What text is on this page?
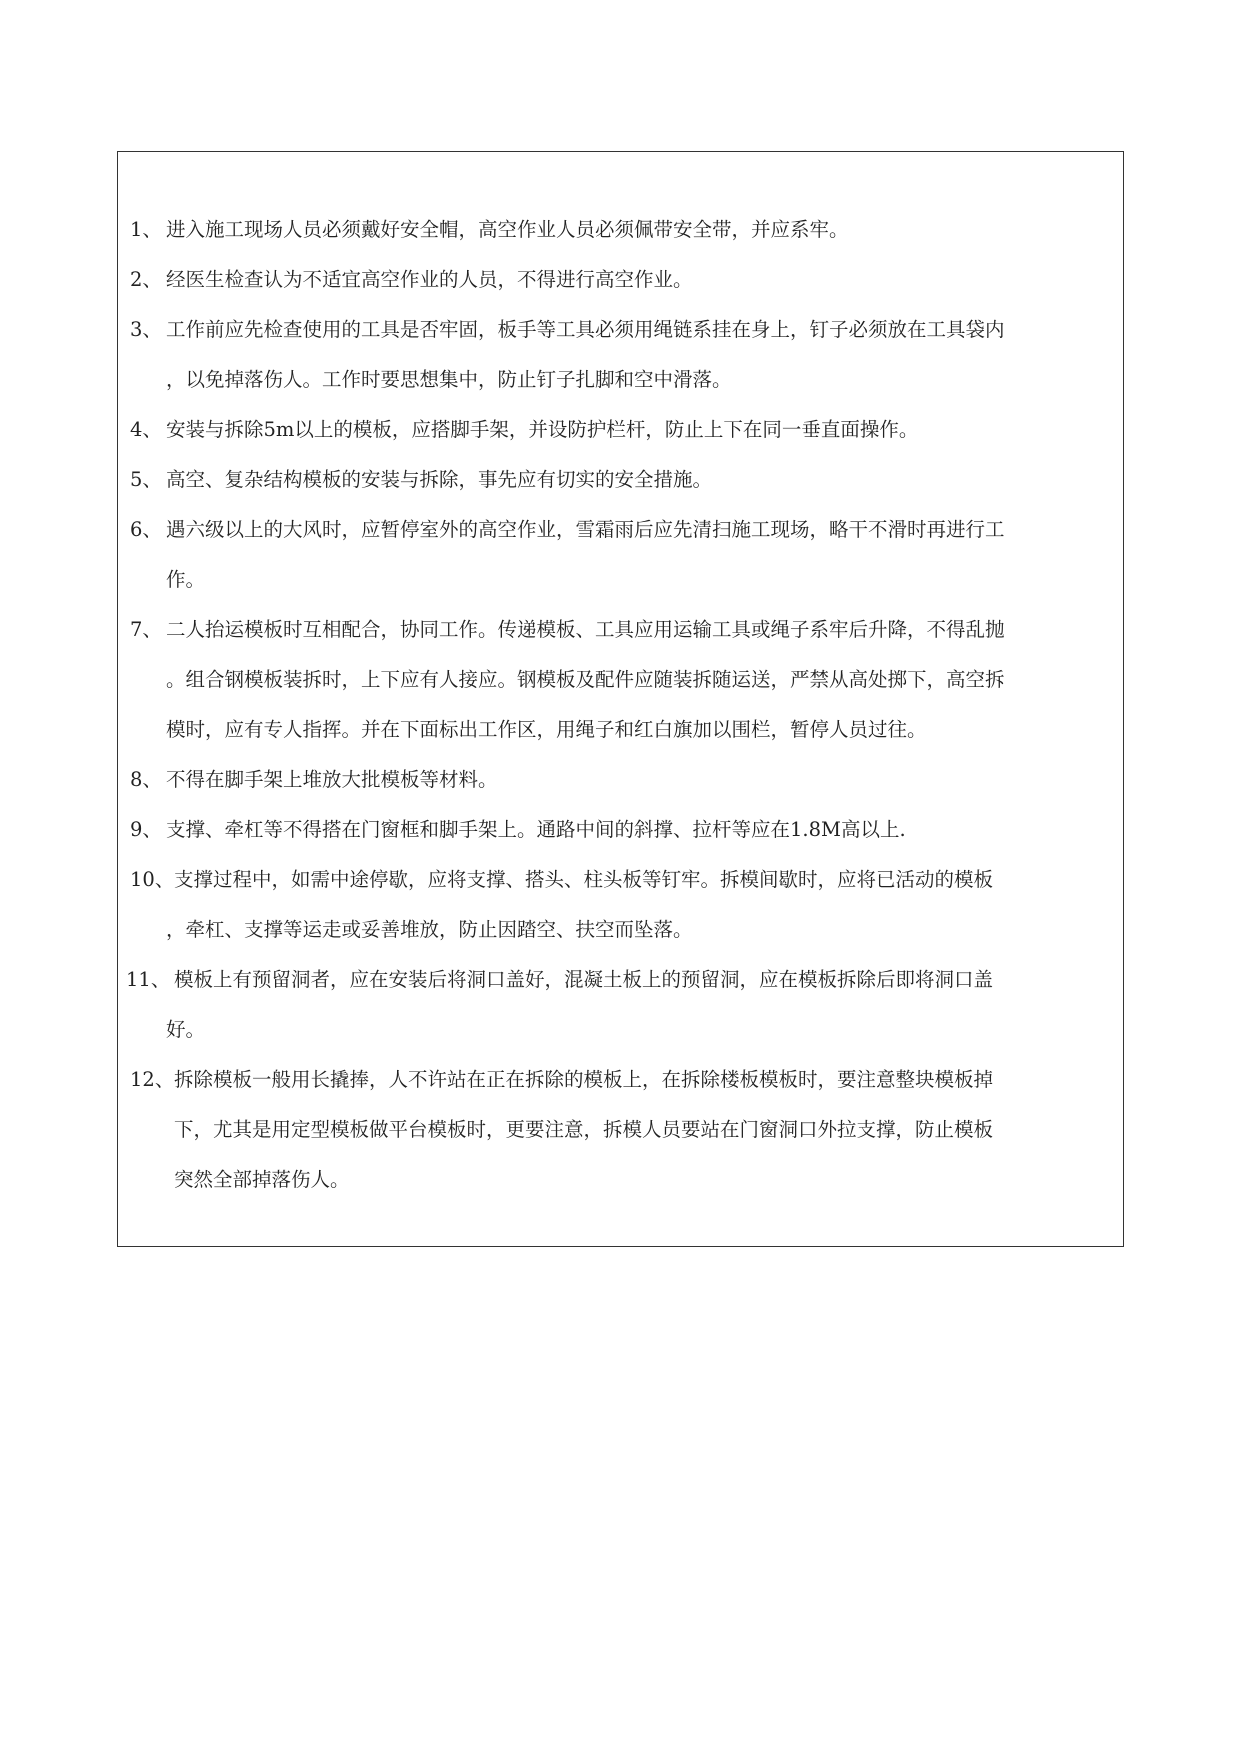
1、 进入施工现场人员必须戴好安全帽，高空作业人员必须佩带安全带，并应系牢。
2、 经医生检查认为不适宜高空作业的人员，不得进行高空作业。
3、 工作前应先检查使用的工具是否牢固，板手等工具必须用绳链系挂在身上，钉子必须放在工具袋内
，以免掉落伤人。工作时要思想集中，防止钉子扎脚和空中滑落。
4、 安装与拆除5m以上的模板，应搭脚手架，并设防护栏杆，防止上下在同一垂直面操作。
5、 高空、复杂结构模板的安装与拆除，事先应有切实的安全措施。
6、 遇六级以上的大风时，应暂停室外的高空作业，雪霜雨后应先清扫施工现场，略干不滑时再进行工
作。
7、 二人抬运模板时互相配合，协同工作。传递模板、工具应用运输工具或绳子系牢后升降，不得乱抛
。组合钢模板装拆时，上下应有人接应。钢模板及配件应随装拆随运送，严禁从高处掷下，高空拆
模时，应有专人指挥。并在下面标出工作区，用绳子和红白旗加以围栏，暂停人员过往。
8、 不得在脚手架上堆放大批模板等材料。
9、 支撑、牵杠等不得搭在门窗框和脚手架上。通路中间的斜撑、拉杆等应在1.8M高以上.
10、 支撑过程中，如需中途停歇，应将支撑、搭头、柱头板等钉牢。拆模间歇时，应将已活动的模板
，牵杠、支撑等运走或妥善堆放，防止因踏空、扶空而坠落。
11、 模板上有预留洞者，应在安装后将洞口盖好，混凝土板上的预留洞，应在模板拆除后即将洞口盖
好。
12、 拆除模板一般用长撬捧，人不许站在正在拆除的模板上，在拆除楼板模板时，要注意整块模板掉
下，尤其是用定型模板做平台模板时，更要注意，拆模人员要站在门窗洞口外拉支撑，防止模板
突然全部掉落伤人。
